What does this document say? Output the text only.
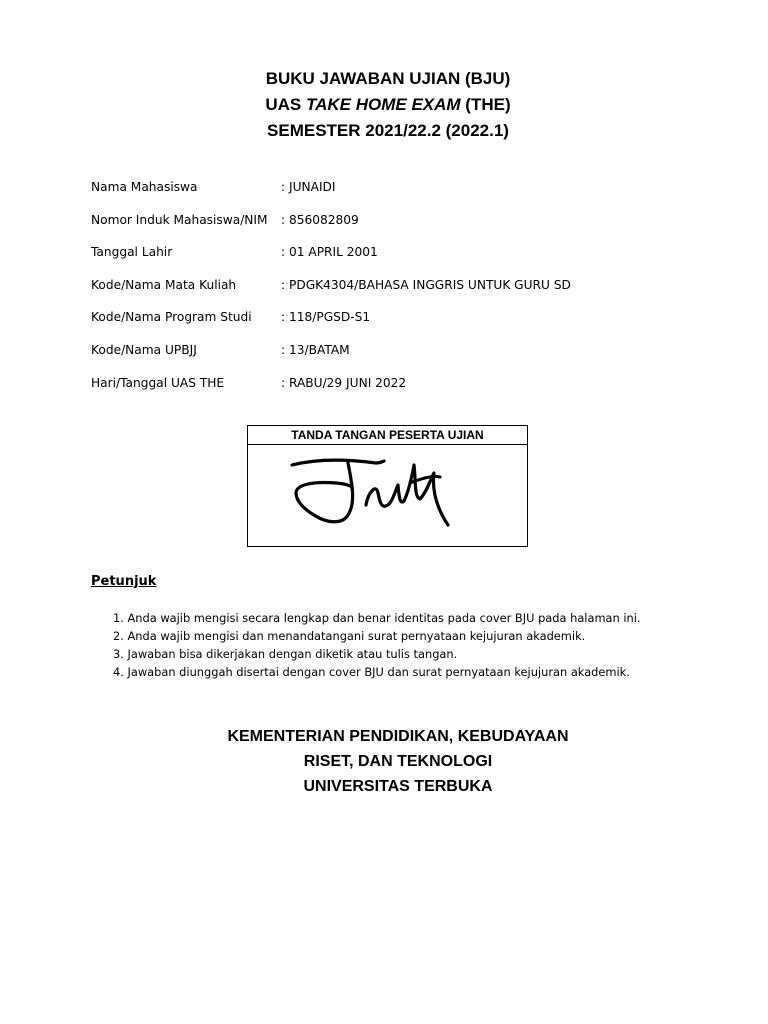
BUKU JAWABAN UJIAN (BJU)
UAS TAKE HOME EXAM (THE)
SEMESTER 2021/22.2 (2022.1)
Nama Mahasiswa	: JUNAIDI
Nomor Induk Mahasiswa/NIM	: 856082809
Tanggal Lahir	: 01 APRIL 2001
Kode/Nama Mata Kuliah	: PDGK4304/BAHASA INGGRIS UNTUK GURU SD
Kode/Nama Program Studi	: 118/PGSD-S1
Kode/Nama UPBJJ	: 13/BATAM
Hari/Tanggal UAS THE	: RABU/29 JUNI 2022
TANDA TANGAN PESERTA UJIAN
Petunjuk
1. Anda wajib mengisi secara lengkap dan benar identitas pada cover BJU pada halaman ini.
2. Anda wajib mengisi dan menandatangani surat pernyataan kejujuran akademik.
3. Jawaban bisa dikerjakan dengan diketik atau tulis tangan.
4. Jawaban diunggah disertai dengan cover BJU dan surat pernyataan kejujuran akademik.
KEMENTERIAN PENDIDIKAN, KEBUDAYAAN
RISET, DAN TEKNOLOGI
UNIVERSITAS TERBUKA
